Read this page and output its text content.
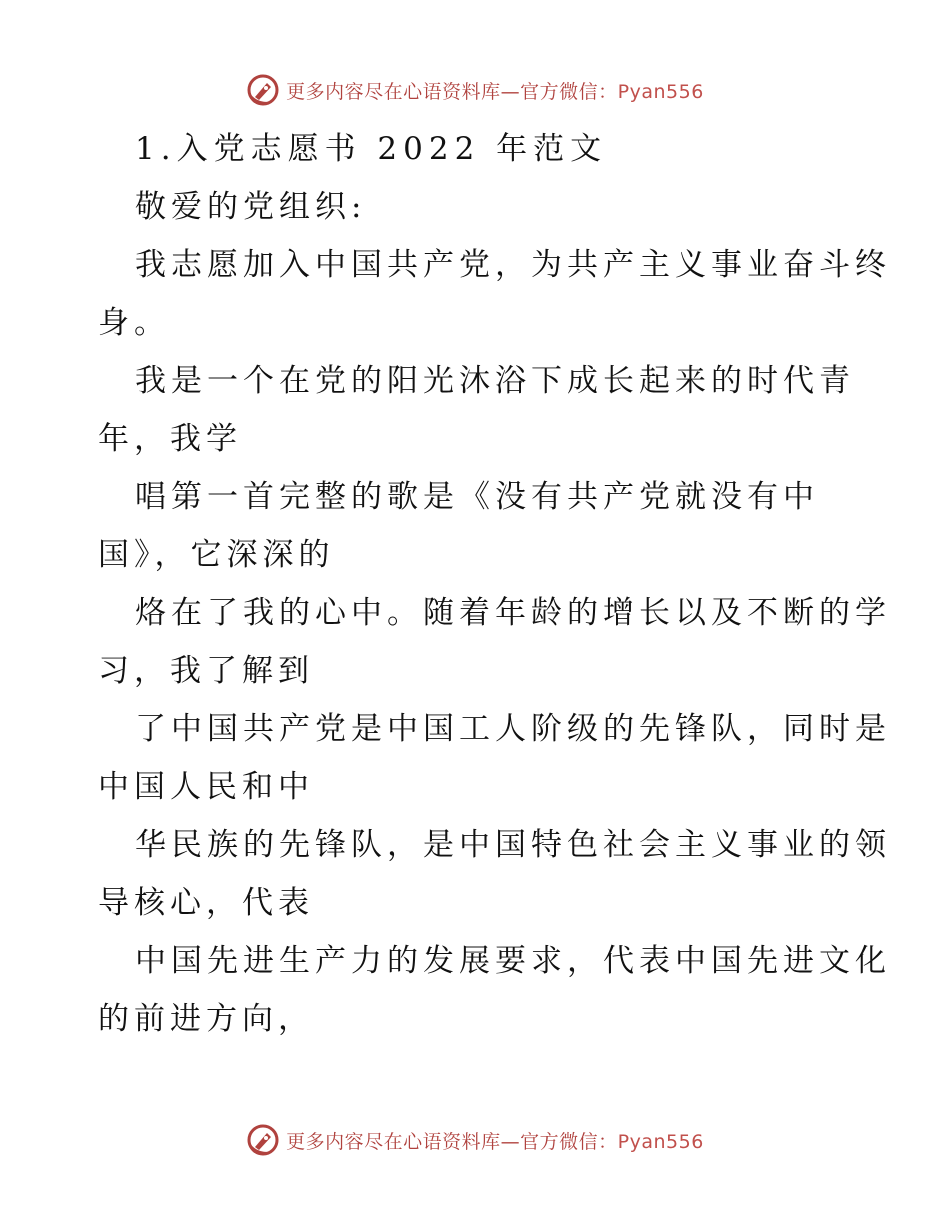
更多内容尽在心语资料库—官方微信：Pyan556
1.入党志愿书 2022 年范文
敬爱的党组织:
我志愿加入中国共产党，为共产主义事业奋斗终
身。
我是一个在党的阳光沐浴下成长起来的时代青
年，我学
唱第一首完整的歌是《没有共产党就没有中
国》，它深深的
烙在了我的心中。随着年龄的增长以及不断的学
习，我了解到
了中国共产党是中国工人阶级的先锋队，同时是
中国人民和中
华民族的先锋队，是中国特色社会主义事业的领
导核心，代表
中国先进生产力的发展要求，代表中国先进文化
的前进方向，
更多内容尽在心语资料库—官方微信：Pyan556
